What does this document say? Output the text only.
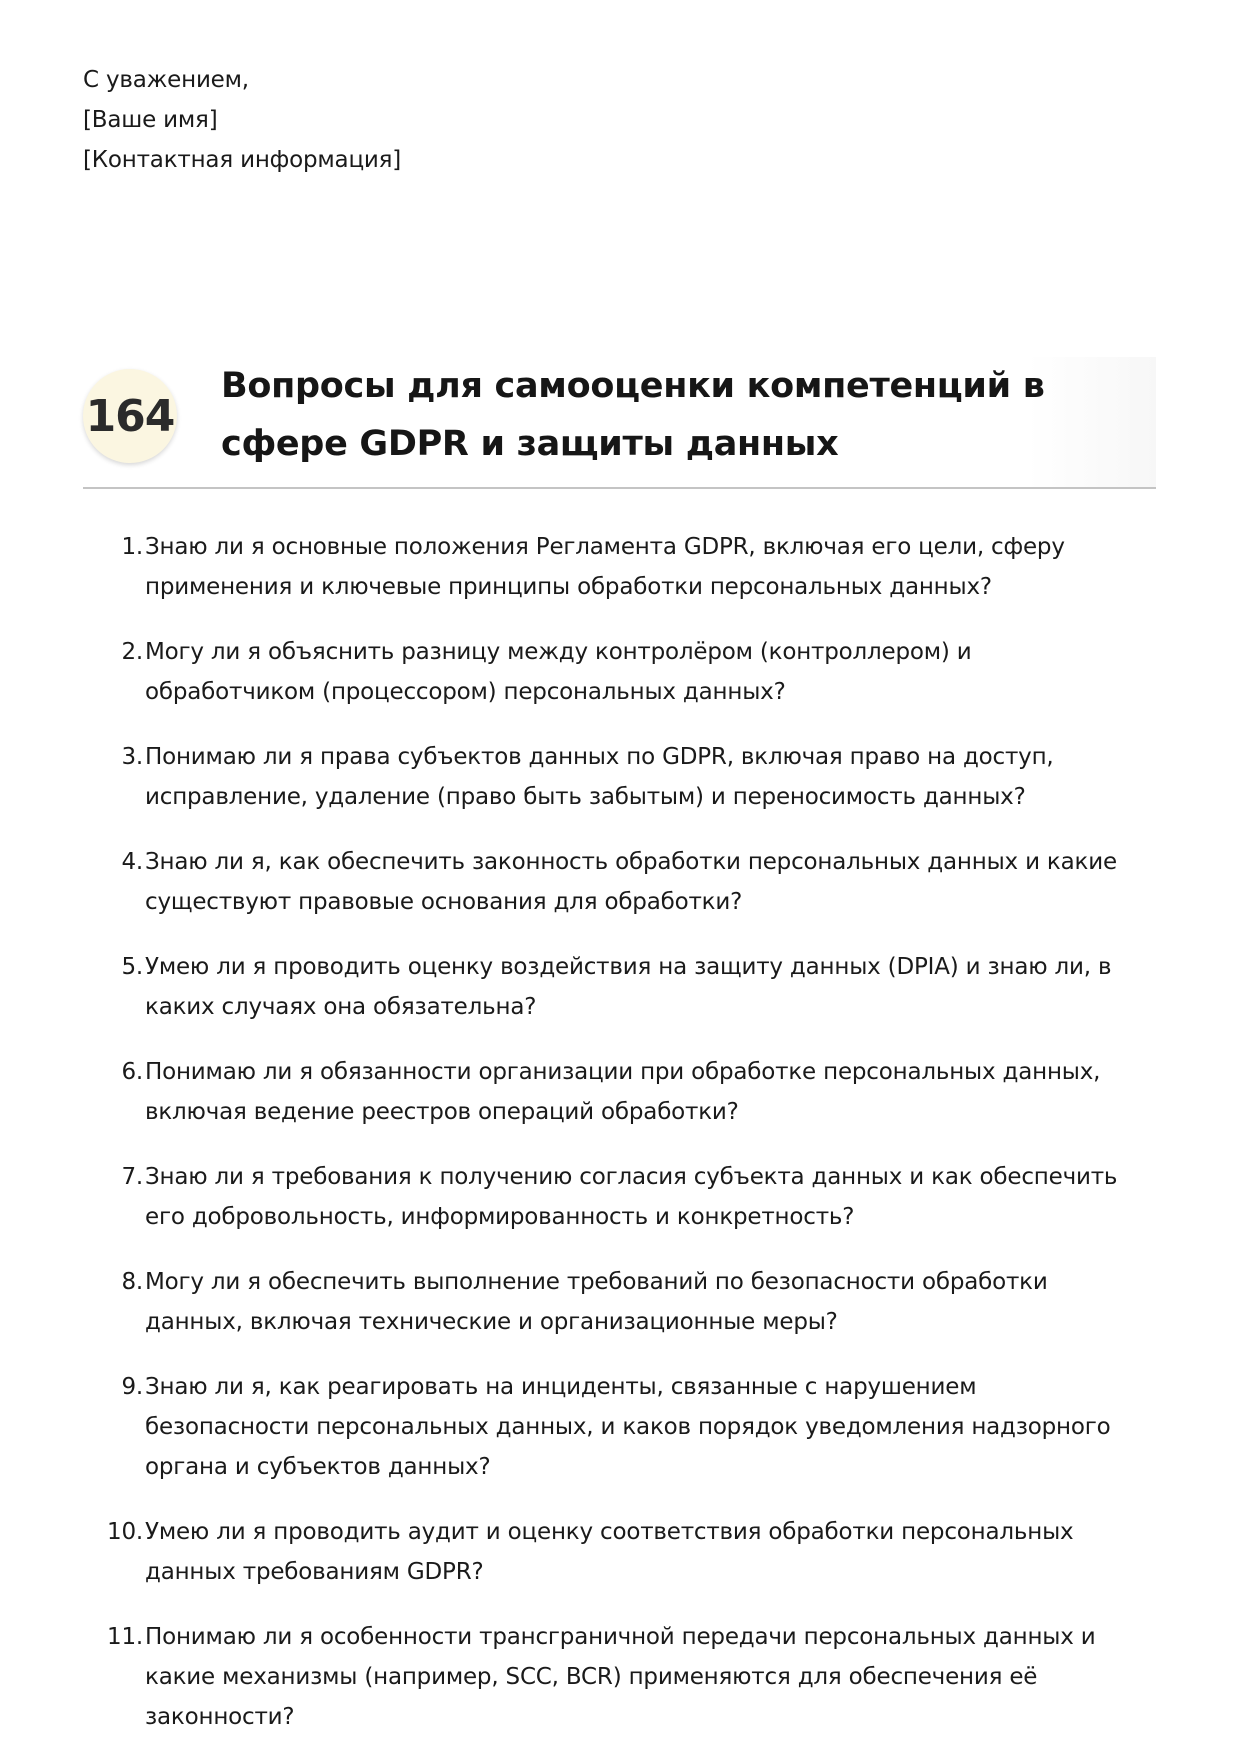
С уважением,
[Ваше имя]
[Контактная информация]
164
Вопросы для самооценки компетенций в сфере GDPR и защиты данных
1. Знаю ли я основные положения Регламента GDPR, включая его цели, сферу применения и ключевые принципы обработки персональных данных?
2. Могу ли я объяснить разницу между контролёром (контроллером) и обработчиком (процессором) персональных данных?
3. Понимаю ли я права субъектов данных по GDPR, включая право на доступ, исправление, удаление (право быть забытым) и переносимость данных?
4. Знаю ли я, как обеспечить законность обработки персональных данных и какие существуют правовые основания для обработки?
5. Умею ли я проводить оценку воздействия на защиту данных (DPIA) и знаю ли, в каких случаях она обязательна?
6. Понимаю ли я обязанности организации при обработке персональных данных, включая ведение реестров операций обработки?
7. Знаю ли я требования к получению согласия субъекта данных и как обеспечить его добровольность, информированность и конкретность?
8. Могу ли я обеспечить выполнение требований по безопасности обработки данных, включая технические и организационные меры?
9. Знаю ли я, как реагировать на инциденты, связанные с нарушением безопасности персональных данных, и каков порядок уведомления надзорного органа и субъектов данных?
10. Умею ли я проводить аудит и оценку соответствия обработки персональных данных требованиям GDPR?
11. Понимаю ли я особенности трансграничной передачи персональных данных и какие механизмы (например, SCC, BCR) применяются для обеспечения её законности?
